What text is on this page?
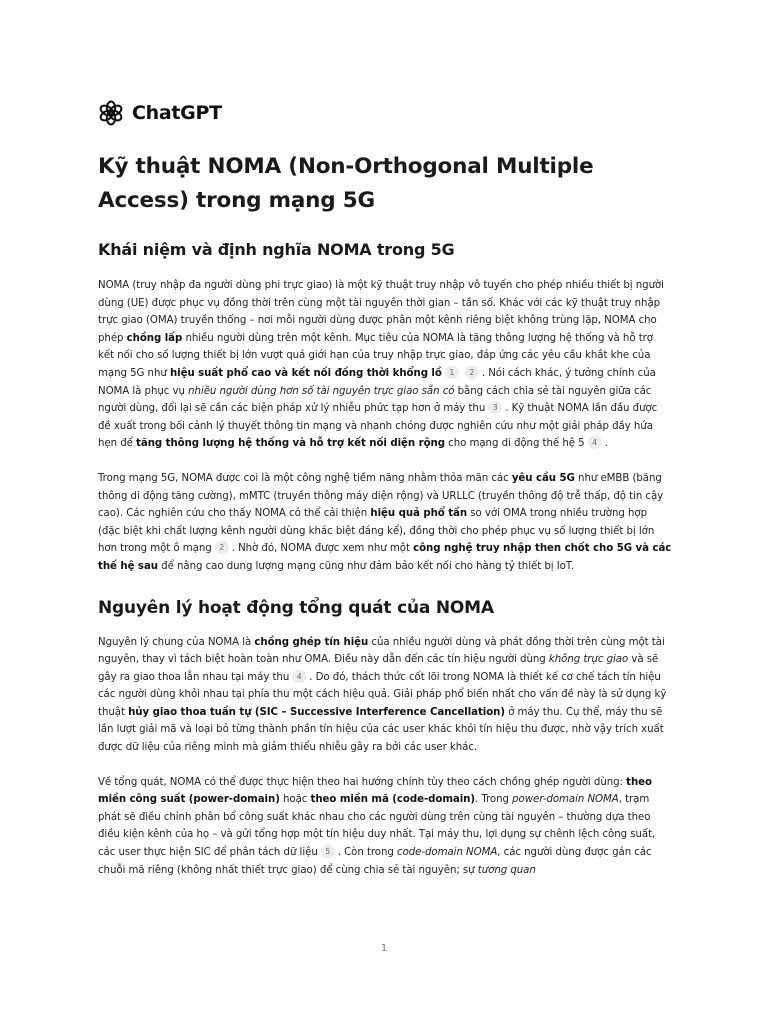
ChatGPT
Kỹ thuật NOMA (Non-Orthogonal Multiple Access) trong mạng 5G
Khái niệm và định nghĩa NOMA trong 5G

NOMA (truy nhập đa người dùng phi trực giao) là một kỹ thuật truy nhập vô tuyến cho phép nhiều thiết bị người dùng (UE) được phục vụ đồng thời trên cùng một tài nguyên thời gian – tần số. Khác với các kỹ thuật truy nhập trực giao (OMA) truyền thống – nơi mỗi người dùng được phân một kênh riêng biệt không trùng lặp, NOMA cho phép chồng lấp nhiều người dùng trên một kênh. Mục tiêu của NOMA là tăng thông lượng hệ thống và hỗ trợ kết nối cho số lượng thiết bị lớn vượt quá giới hạn của truy nhập trực giao, đáp ứng các yêu cầu khắt khe của mạng 5G như hiệu suất phổ cao và kết nối đồng thời khổng lồ 1 2 . Nói cách khác, ý tưởng chính của NOMA là phục vụ nhiều người dùng hơn số tài nguyên trực giao sẵn có bằng cách chia sẻ tài nguyên giữa các người dùng, đổi lại sẽ cần các biện pháp xử lý nhiễu phức tạp hơn ở máy thu 3 . Kỹ thuật NOMA lần đầu được đề xuất trong bối cảnh lý thuyết thông tin mạng và nhanh chóng được nghiên cứu như một giải pháp đầy hứa hẹn để tăng thông lượng hệ thống và hỗ trợ kết nối diện rộng cho mạng di động thế hệ 5 4 .

Trong mạng 5G, NOMA được coi là một công nghệ tiềm năng nhằm thỏa mãn các yêu cầu 5G như eMBB (băng thông di động tăng cường), mMTC (truyền thông máy diện rộng) và URLLC (truyền thông độ trễ thấp, độ tin cậy cao). Các nghiên cứu cho thấy NOMA có thể cải thiện hiệu quả phổ tần so với OMA trong nhiều trường hợp (đặc biệt khi chất lượng kênh người dùng khác biệt đáng kể), đồng thời cho phép phục vụ số lượng thiết bị lớn hơn trong một ô mạng 2 . Nhờ đó, NOMA được xem như một công nghệ truy nhập then chốt cho 5G và các thế hệ sau để nâng cao dung lượng mạng cũng như đảm bảo kết nối cho hàng tỷ thiết bị IoT.

Nguyên lý hoạt động tổng quát của NOMA

Nguyên lý chung của NOMA là chồng ghép tín hiệu của nhiều người dùng và phát đồng thời trên cùng một tài nguyên, thay vì tách biệt hoàn toàn như OMA. Điều này dẫn đến các tín hiệu người dùng không trực giao và sẽ gây ra giao thoa lẫn nhau tại máy thu 4 . Do đó, thách thức cốt lõi trong NOMA là thiết kế cơ chế tách tín hiệu các người dùng khỏi nhau tại phía thu một cách hiệu quả. Giải pháp phổ biến nhất cho vấn đề này là sử dụng kỹ thuật hủy giao thoa tuần tự (SIC – Successive Interference Cancellation) ở máy thu. Cụ thể, máy thu sẽ lần lượt giải mã và loại bỏ từng thành phần tín hiệu của các user khác khỏi tín hiệu thu được, nhờ vậy trích xuất được dữ liệu của riêng mình mà giảm thiểu nhiễu gây ra bởi các user khác.

Về tổng quát, NOMA có thể được thực hiện theo hai hướng chính tùy theo cách chồng ghép người dùng: theo miền công suất (power-domain) hoặc theo miền mã (code-domain). Trong power-domain NOMA, trạm phát sẽ điều chỉnh phân bổ công suất khác nhau cho các người dùng trên cùng tài nguyên – thường dựa theo điều kiện kênh của họ – và gửi tổng hợp một tín hiệu duy nhất. Tại máy thu, lợi dụng sự chênh lệch công suất, các user thực hiện SIC để phân tách dữ liệu 5 . Còn trong code-domain NOMA, các người dùng được gán các chuỗi mã riêng (không nhất thiết trực giao) để cùng chia sẻ tài nguyên; sự tương quan

1
